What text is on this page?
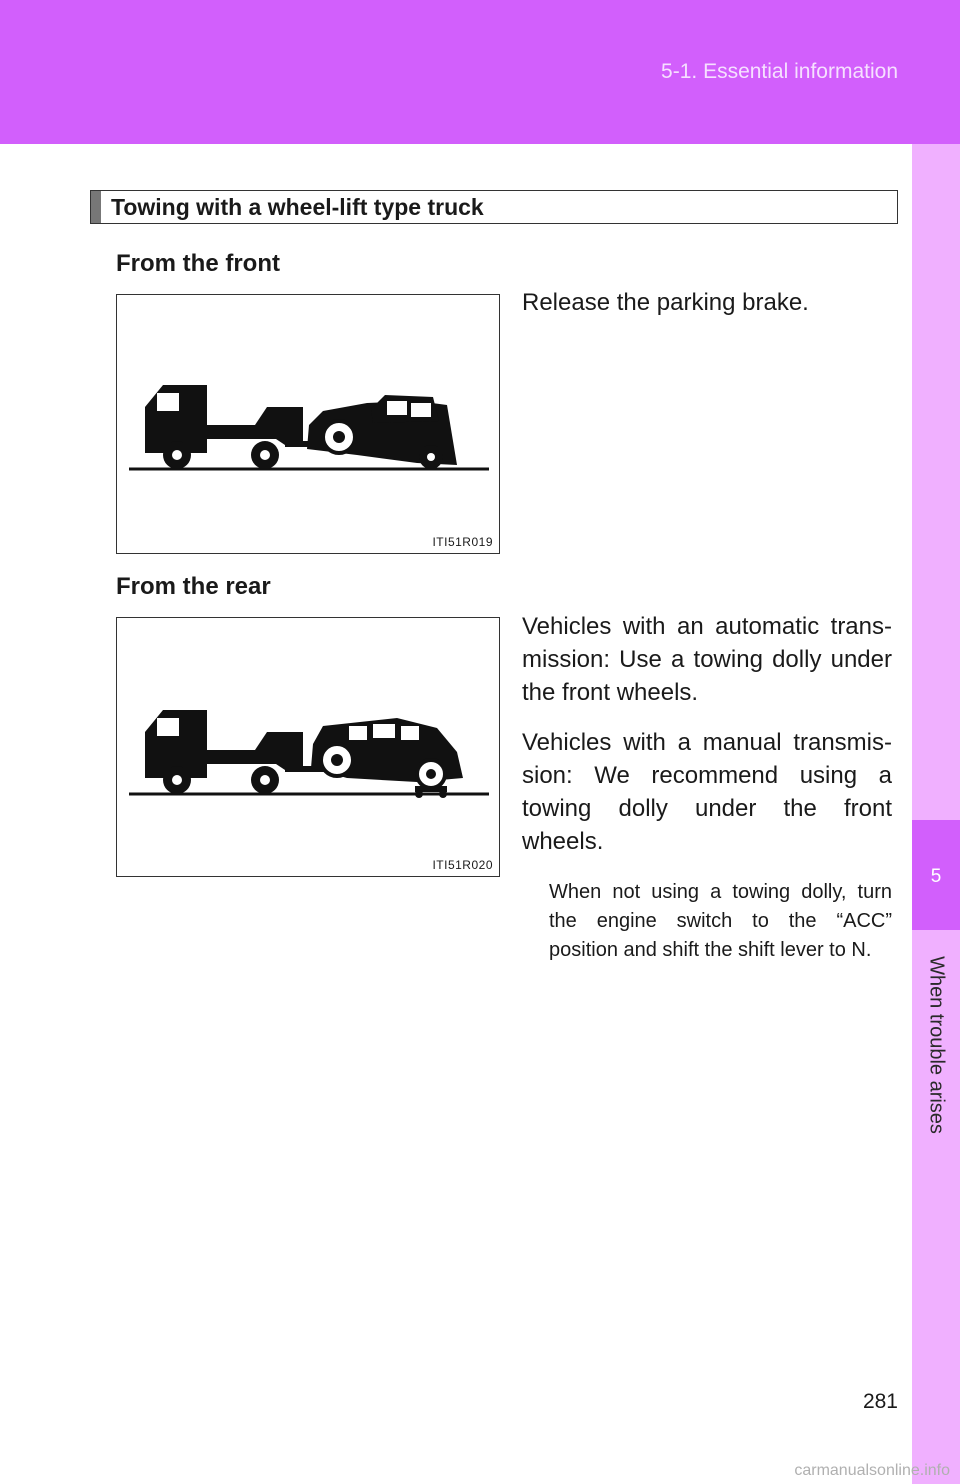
5-1. Essential information
5
When trouble arises
Towing with a wheel-lift type truck
From the front
ITI51R019

Release the parking brake.

From the rear
ITI51R020

Vehicles with an automatic trans-mission: Use a towing dolly under the front wheels.

Vehicles with a manual transmis-sion: We recommend using a towing dolly under the front wheels.

When not using a towing dolly, turn the engine switch to the “ACC” position and shift the shift lever to N.

281
carmanualsonline.info
